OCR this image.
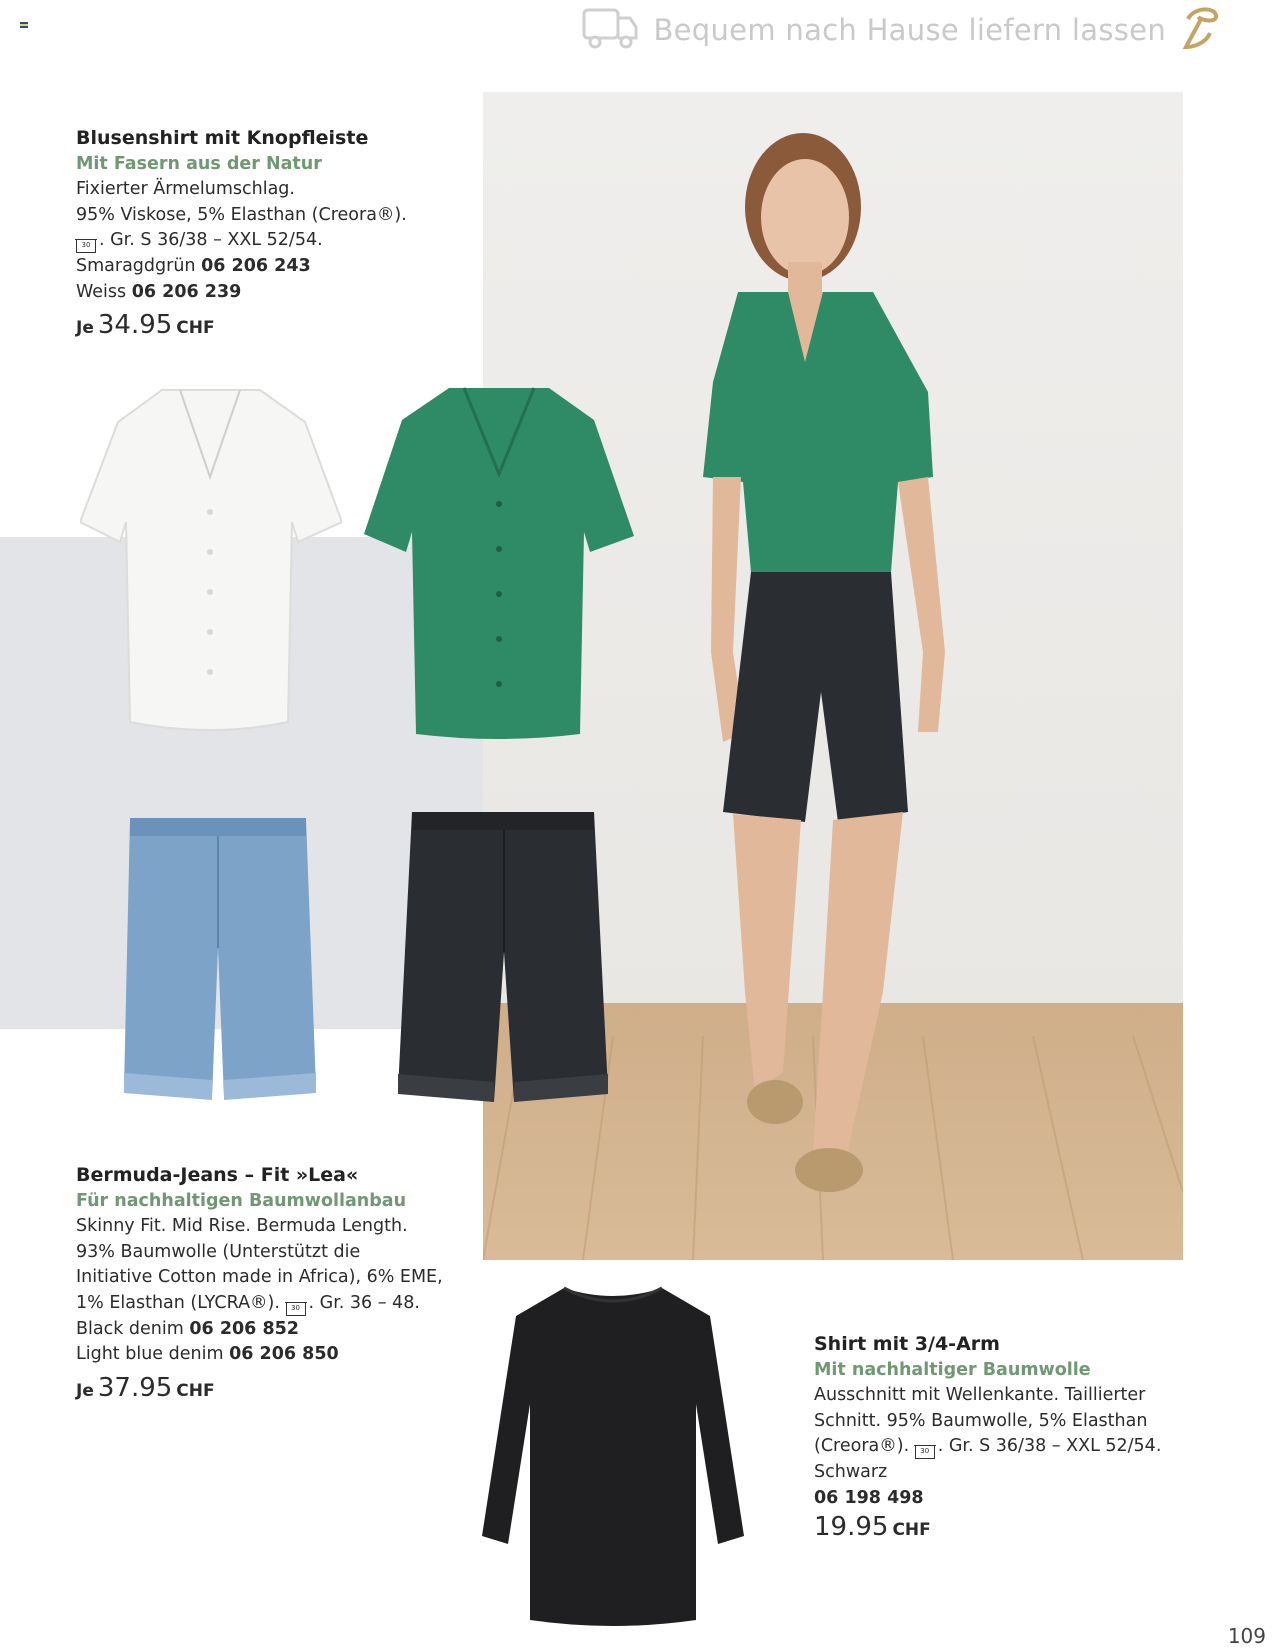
Bequem nach Hause liefern lassen
Blusenshirt mit Knopfleiste
Mit Fasern aus der Natur
Fixierter Ärmelumschlag.
95% Viskose, 5% Elasthan (Creora®).
30 . Gr. S 36/38 – XXL 52/54.
Smaragdgrün 06 206 243
Weiss 06 206 239
Je 34.95 CHF
Bermuda-Jeans – Fit »Lea«
Für nachhaltigen Baumwollanbau
Skinny Fit. Mid Rise. Bermuda Length.
93% Baumwolle (Unterstützt die
Initiative Cotton made in Africa), 6% EME,
1% Elasthan (LYCRA®). 30 . Gr. 36 – 48.
Black denim 06 206 852
Light blue denim 06 206 850
Je 37.95 CHF
Shirt mit 3/4-Arm
Mit nachhaltiger Baumwolle
Ausschnitt mit Wellenkante. Taillierter
Schnitt. 95% Baumwolle, 5% Elasthan
(Creora®). 30 . Gr. S 36/38 – XXL 52/54.
Schwarz
06 198 498
19.95 CHF
109
